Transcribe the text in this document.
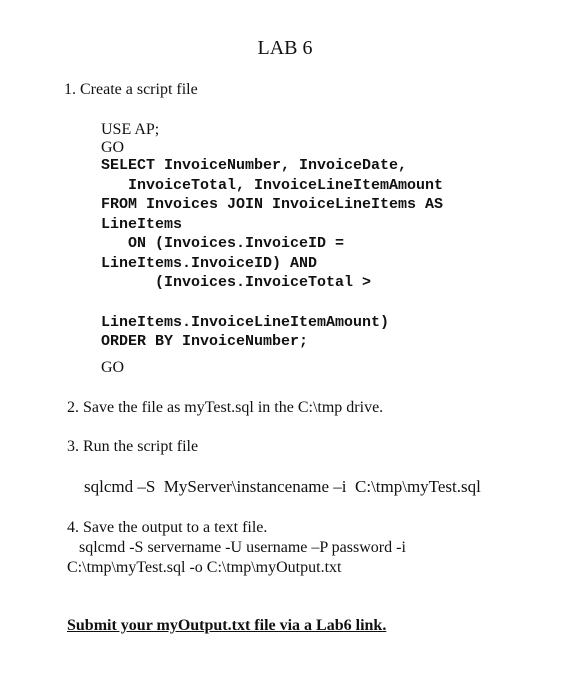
LAB 6
1. Create a script file
USE AP;
GO
SELECT InvoiceNumber, InvoiceDate,
InvoiceTotal, InvoiceLineItemAmount
FROM Invoices JOIN InvoiceLineItems AS
LineItems
ON (Invoices.InvoiceID =
LineItems.InvoiceID) AND
(Invoices.InvoiceTotal >
LineItems.InvoiceLineItemAmount)
ORDER BY InvoiceNumber;
GO
2. Save the file as myTest.sql in the C:\tmp drive.
3. Run the script file
sqlcmd –S  MyServer\instancename –i  C:\tmp\myTest.sql
4. Save the output to a text file.
sqlcmd -S servername -U username –P password -i
C:\tmp\myTest.sql -o C:\tmp\myOutput.txt
Submit your myOutput.txt file via a Lab6 link.
